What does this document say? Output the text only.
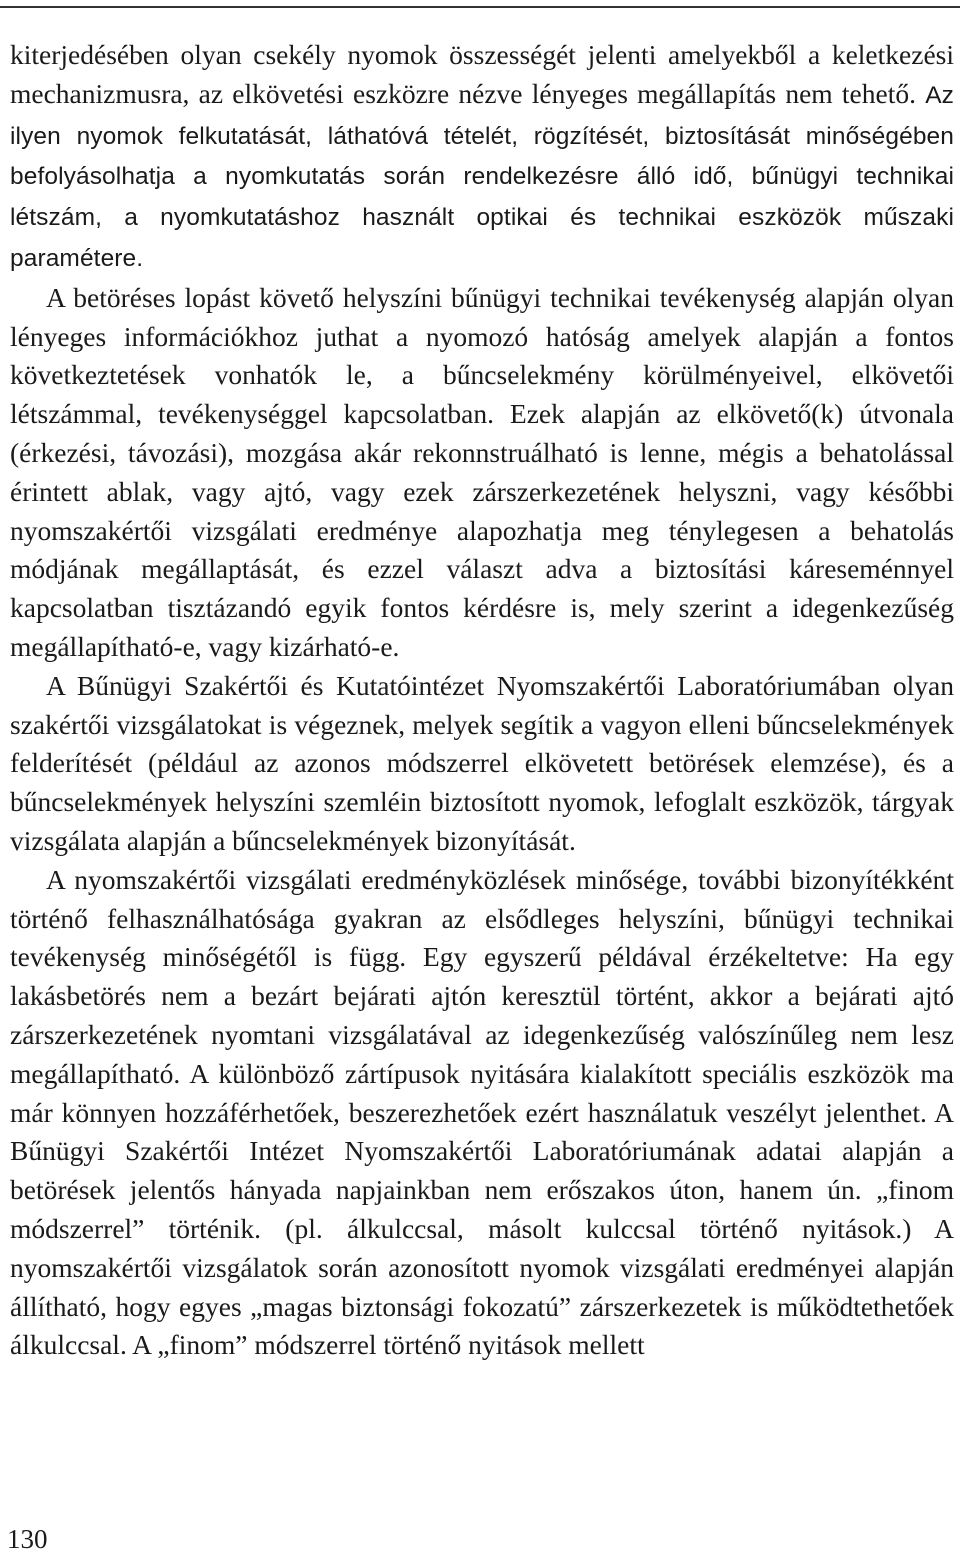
kiterjedésében olyan csekély nyomok összességét jelenti amelyekből a keletkezési mechanizmusra, az elkövetési eszközre nézve lényeges megállapítás nem tehető. Az ilyen nyomok felkutatását, láthatóvá tételét, rögzítését, biztosítását minőségében befolyásolhatja a nyomkutatás során rendelkezésre álló idő, bűnügyi technikai létszám, a nyomkutatáshoz használt optikai és technikai eszközök műszaki paramétere.

A betöréses lopást követő helyszíni bűnügyi technikai tevékenység alapján olyan lényeges információkhoz juthat a nyomozó hatóság amelyek alapján a fontos következtetések vonhatók le, a bűncselekmény körülményeivel, elkövetői létszámmal, tevékenységgel kapcsolatban. Ezek alapján az elkövető(k) útvonala (érkezési, távozási), mozgása akár rekonnstruálható is lenne, mégis a behatolással érintett ablak, vagy ajtó, vagy ezek zárszerkezetének helyszni, vagy későbbi nyomszakértői vizsgálati eredménye alapozhatja meg ténylegesen a behatolás módjának megállaptását, és ezzel választ adva a biztosítási káreseménnyel kapcsolatban tisztázandó egyik fontos kérdésre is, mely szerint a idegenkezűség megállapítható-e, vagy kizárható-e.

A Bűnügyi Szakértői és Kutatóintézet Nyomszakértői Laboratóriumában olyan szakértői vizsgálatokat is végeznek, melyek segítik a vagyon elleni bűncselekmények felderítését (például az azonos módszerrel elkövetett betörések elemzése), és a bűncselekmények helyszíni szemléin biztosított nyomok, lefoglalt eszközök, tárgyak vizsgálata alapján a bűncselekmények bizonyítását.

A nyomszakértői vizsgálati eredményközlések minősége, további bizonyítékként történő felhasználhatósága gyakran az elsődleges helyszíni, bűnügyi technikai tevékenység minőségétől is függ. Egy egyszerű példával érzékeltetve: Ha egy lakásbetörés nem a bezárt bejárati ajtón keresztül történt, akkor a bejárati ajtó zárszerkezetének nyomtani vizsgálatával az idegenkezűség valószínűleg nem lesz megállapítható. A különböző zártípusok nyitására kialakított speciális eszközök ma már könnyen hozzáférhetőek, beszerezhetőek ezért használatuk veszélyt jelenthet. A Bűnügyi Szakértői Intézet Nyomszakértői Laboratóriumának adatai alapján a betörések jelentős hányada napjainkban nem erőszakos úton, hanem ún. „finom módszerrel” történik. (pl. álkulccsal, másolt kulccsal történő nyitások.) A nyomszakértői vizsgálatok során azonosított nyomok vizsgálati eredményei alapján állítható, hogy egyes „magas biztonsági fokozatú” zárszerkezetek is működtethetőek álkulccsal. A „finom” módszerrel történő nyitások mellett

130
